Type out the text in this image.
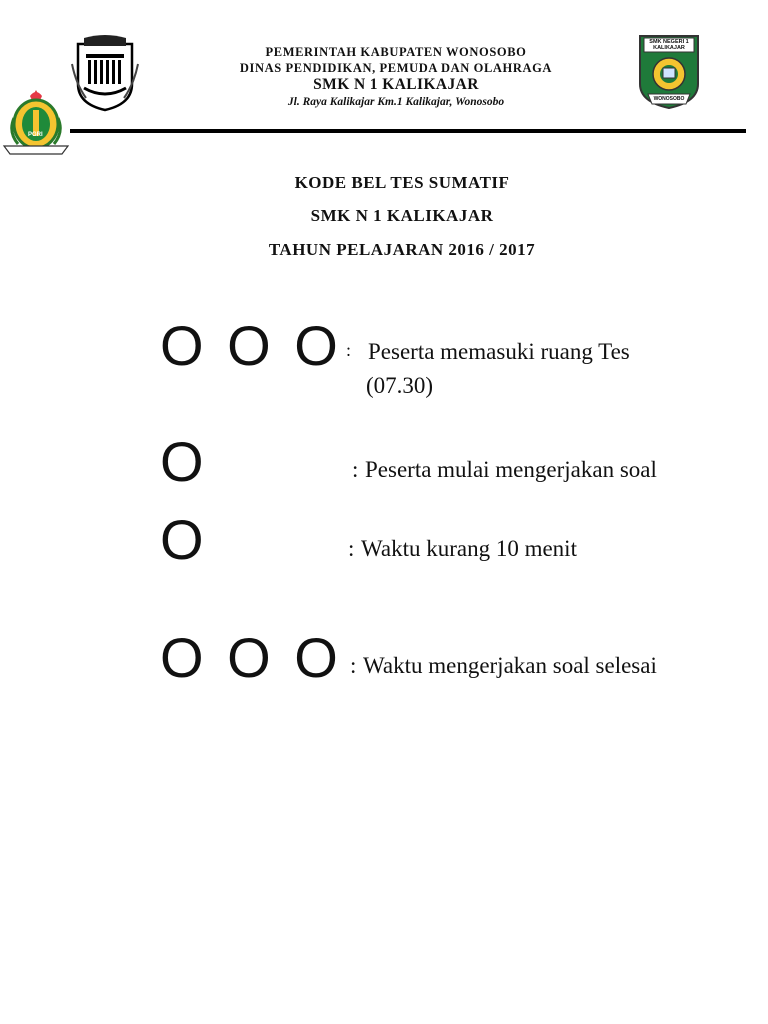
PGRI
SMK NEGERI 1
KALIKAJAR
WONOSOBO
PEMERINTAH KABUPATEN WONOSOBO
DINAS PENDIDIKAN, PEMUDA DAN OLAHRAGA
SMK N 1 KALIKAJAR
Jl. Raya Kalikajar Km.1 Kalikajar, Wonosobo
KODE BEL TES SUMATIF
SMK N 1 KALIKAJAR
TAHUN PELAJARAN 2016 / 2017
O O O : Peserta memasuki ruang Tes
(07.30)
O	: Peserta mulai mengerjakan soal
O	: Waktu kurang 10 menit
O O O : Waktu mengerjakan soal selesai
